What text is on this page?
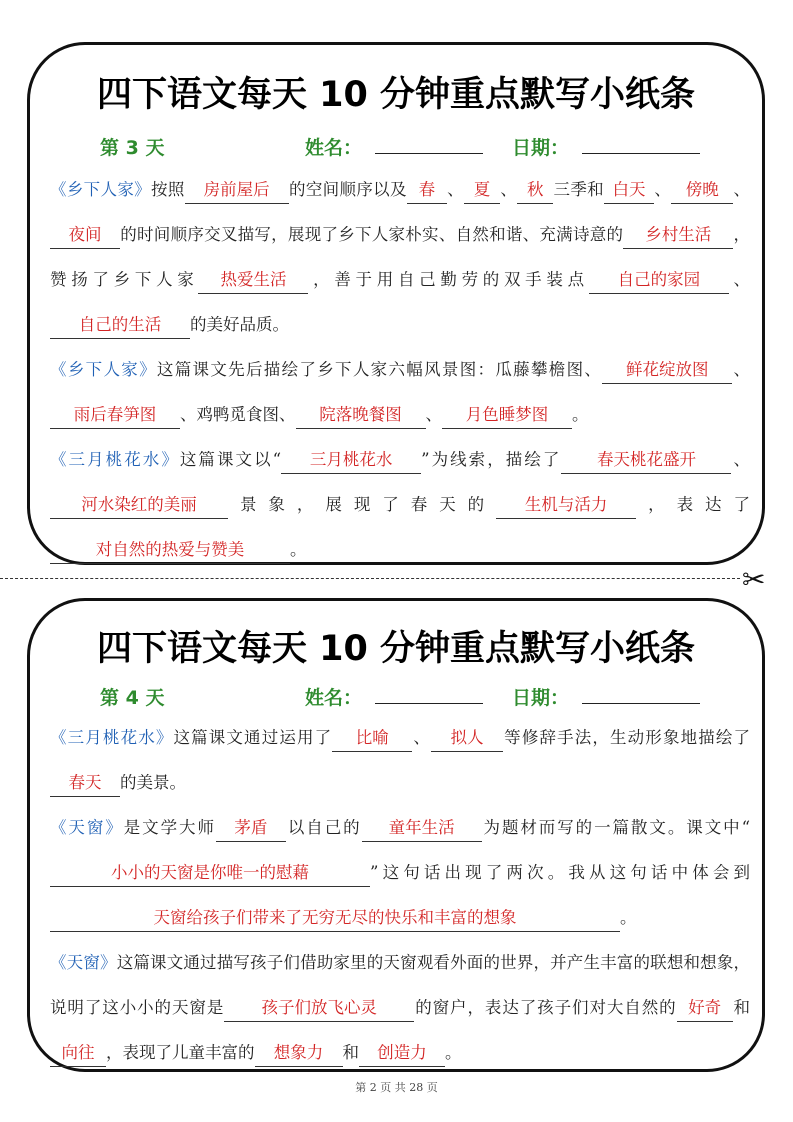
四下语文每天 10 分钟重点默写小纸条
第 3 天	姓名：	日期：

《乡下人家》按照 房前屋后 的空间顺序以及 春 、 夏 、 秋 三季和 白天 、 傍晚 、夜间 的时间顺序交叉描写，展现了乡下人家朴实、自然和谐、充满诗意的 乡村生活 ，赞扬了乡下人家 热爱生活 ，善于用自己勤劳的双手装点 自己的家园 、自己的生活 的美好品质。

《乡下人家》这篇课文先后描绘了乡下人家六幅风景图：瓜藤攀檐图、 鲜花绽放图 、雨后春笋图 、鸡鸭觅食图、 院落晚餐图 、 月色睡梦图 。

《三月桃花水》这篇课文以“ 三月桃花水 ”为线索，描绘了 春天桃花盛开 、河水染红的美丽 景象，展现了春天的 生机与活力 ，表达了对自然的热爱与赞美	。

✂
四下语文每天 10 分钟重点默写小纸条
第 4 天	姓名：	日期：

《三月桃花水》这篇课文通过运用了 比喻 、 拟人 等修辞手法，生动形象地描绘了春天 的美景。

《天窗》是文学大师 茅盾 以自己的 童年生活 为题材而写的一篇散文。课文中“小小的天窗是你唯一的慰藉	”这句话出现了两次。我从这句话中体会到天窗给孩子们带来了无穷无尽的快乐和丰富的想象	。

《天窗》这篇课文通过描写孩子们借助家里的天窗观看外面的世界，并产生丰富的联想和想象，说明了这小小的天窗是 孩子们放飞心灵 的窗户，表达了孩子们对大自然的 好奇 和向往 ，表现了儿童丰富的 想象力 和 创造力 。

第 2 页 共 28 页
